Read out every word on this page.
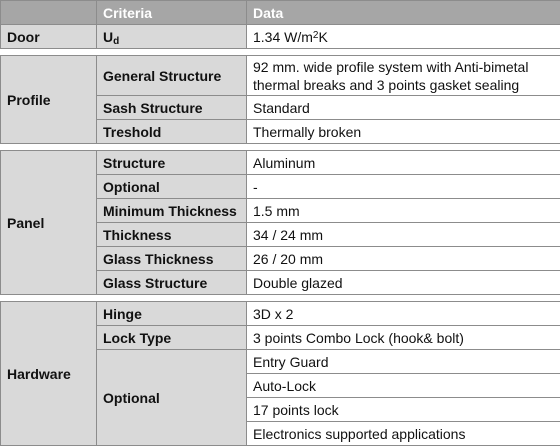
	Criteria	Data
Door	$U_d$	1.34 $W/m^2K$

Profile	General Structure	92 mm. wide profile system with Anti-bimetal thermal breaks and 3 points gasket sealing
	Sash Structure	Standard
	Treshold	Thermally broken

Panel	Structure	Aluminum
	Optional	-
	Minimum Thickness	1.5 mm
	Thickness	34 / 24 mm
	Glass Thickness	26 / 20 mm
	Glass Structure	Double glazed

Hardware	Hinge	3D x 2
	Lock Type	3 points Combo Lock (hook& bolt)
	Optional	Entry Guard
		Auto-Lock
		17 points lock
		Electronics supported applications
